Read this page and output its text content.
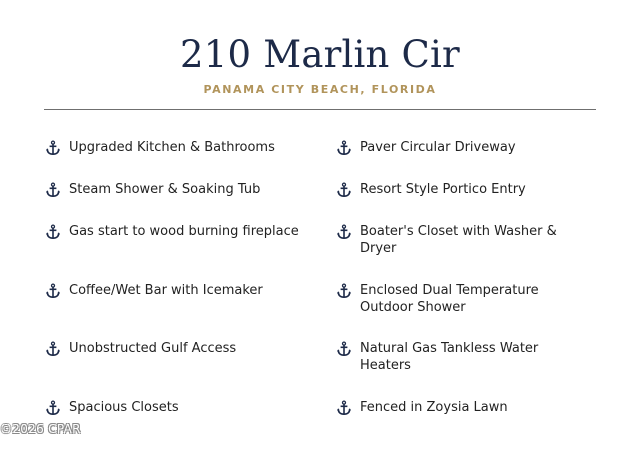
210 Marlin Cir
PANAMA CITY BEACH, FLORIDA
Upgraded Kitchen & Bathrooms
Steam Shower & Soaking Tub
Gas start to wood burning fireplace
Coffee/Wet Bar with Icemaker
Unobstructed Gulf Access
Spacious Closets
Paver Circular Driveway
Resort Style Portico Entry
Boater's Closet with Washer & Dryer
Enclosed Dual Temperature Outdoor Shower
Natural Gas Tankless Water Heaters
Fenced in Zoysia Lawn
©2026 CPAR
